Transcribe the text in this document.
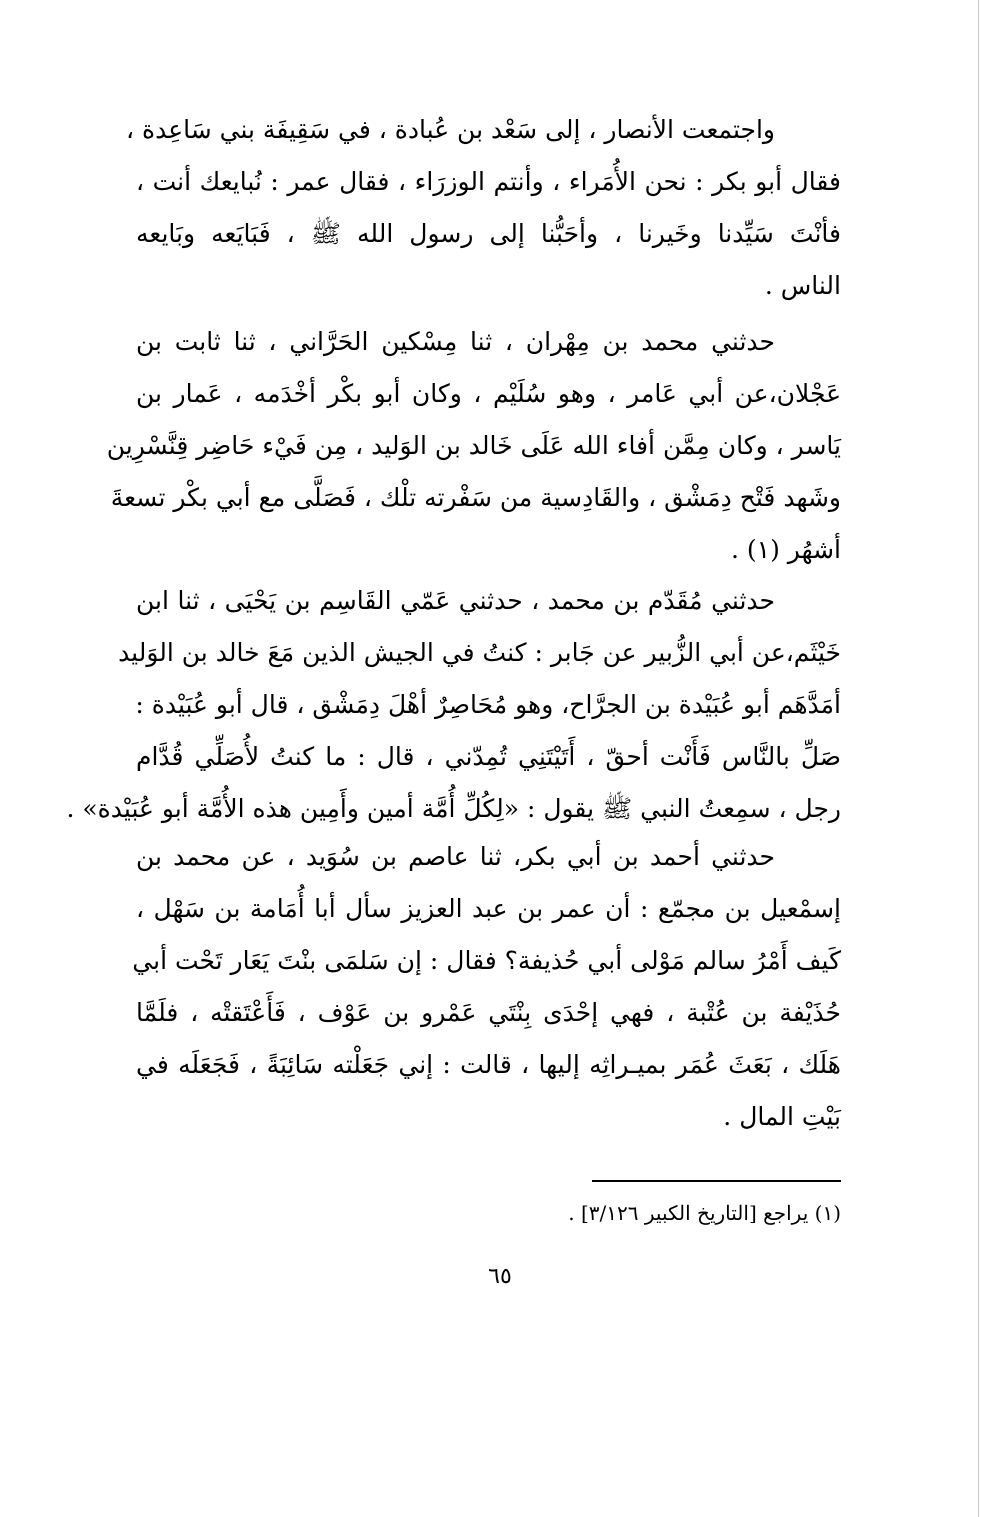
واجتمعت الأنصار ، إلى سَعْد بن عُبادة ، في سَقِيفَة بني سَاعِدة ،
فقال أبو بكر : نحن الأُمَراء ، وأنتم الوزرَاء ، فقال عمر : نُبايعك أنت ،
فأنْتَ سَيِّدنا وخَيرنا ، وأحَبُّنا إلى رسول الله ﷺ ، فَبَايَعه وبَايعه
الناس .
حدثني محمد بن مِهْران ، ثنا مِسْكين الحَرَّاني ، ثنا ثابت بن
عَجْلان،عن أبي عَامر ، وهو سُلَيْم ، وكان أبو بكْر أخْدَمه ، عَمار بن
يَاسر ، وكان مِمَّن أفاء الله عَلَى خَالد بن الوَليد ، مِن فَيْء حَاضِر قِنَّسْرِين
وشَهد فَتْح دِمَشْق ، والقَادِسية من سَفْرته تلْك ، فَصَلَّى مع أبي بكْر تسعةَ
أشهُر (١) .
حدثني مُقَدّم بن محمد ، حدثني عَمّي القَاسِم بن يَحْيَى ، ثنا ابن
خَيْثَم،عن أبي الزُّبير عن جَابر : كنتُ في الجيش الذين مَعَ خالد بن الوَليد
أمَدَّهَم أبو عُبَيْدة بن الجرَّاح، وهو مُحَاصِرٌ أهْلَ دِمَشْق ، قال أبو عُبَيْدة :
صَلِّ بالنَّاس فَأَنْت أحقّ ، أَتَيْتَنِي تُمِدّني ، قال : ما كنتُ لأُصَلِّي قُدَّام
رجل ، سمِعتُ النبي ﷺ يقول : «لِكُلِّ أُمَّة أمين وأَمِين هذه الأُمَّة أبو عُبَيْدة» .
حدثني أحمد بن أبي بكر، ثنا عاصم بن سُوَيد ، عن محمد بن
إسمْعيل بن مجمّع : أن عمر بن عبد العزيز سأل أبا أُمَامة بن سَهْل ،
كَيف أَمْرُ سالم مَوْلى أبي حُذيفة؟ فقال : إن سَلمَى بنْتَ يَعَار تَحْت أبي
حُذَيْفة بن عُتْبة ، فهي إحْدَى بِنْتَي عَمْرو بن عَوْف ، فَأَعْتَقتْه ، فلَمَّا
هَلَك ، بَعَثَ عُمَر بميـراثِه إليها ، قالت : إني جَعَلْته سَائِبَةً ، فَجَعَلَه في
بَيْتِ المال .
(١) يراجع [التاريخ الكبير ٣/١٢٦] .
٦٥
